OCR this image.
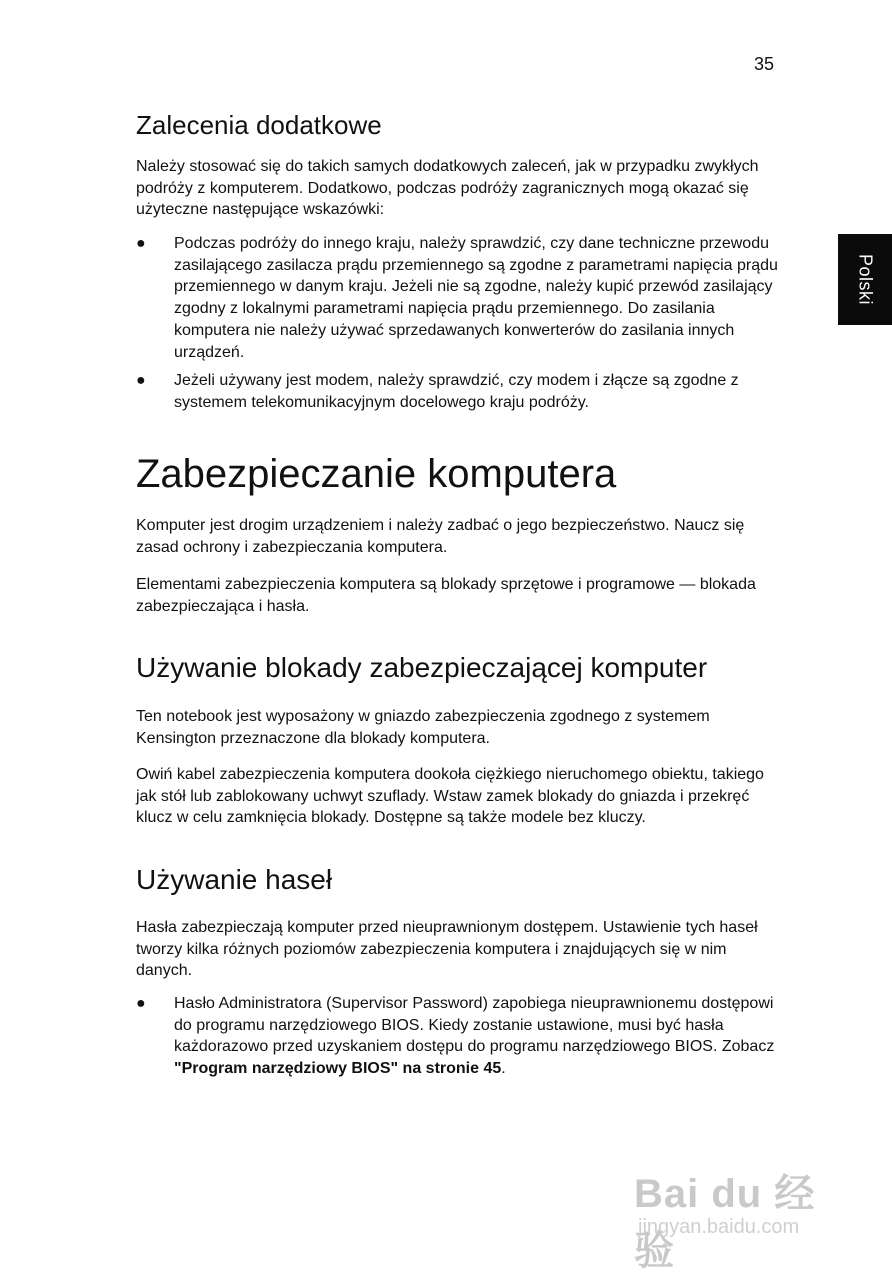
35
Polski
Zalecenia dodatkowe

Należy stosować się do takich samych dodatkowych zaleceń, jak w przypadku zwykłych podróży z komputerem. Dodatkowo, podczas podróży zagranicznych mogą okazać się użyteczne następujące wskazówki:

● Podczas podróży do innego kraju, należy sprawdzić, czy dane techniczne przewodu zasilającego zasilacza prądu przemiennego są zgodne z parametrami napięcia prądu przemiennego w danym kraju. Jeżeli nie są zgodne, należy kupić przewód zasilający zgodny z lokalnymi parametrami napięcia prądu przemiennego. Do zasilania komputera nie należy używać sprzedawanych konwerterów do zasilania innych urządzeń.
● Jeżeli używany jest modem, należy sprawdzić, czy modem i złącze są zgodne z systemem telekomunikacyjnym docelowego kraju podróży.
Zabezpieczanie komputera

Komputer jest drogim urządzeniem i należy zadbać o jego bezpieczeństwo. Naucz się zasad ochrony i zabezpieczania komputera.

Elementami zabezpieczenia komputera są blokady sprzętowe i programowe — blokada zabezpieczająca i hasła.

Używanie blokady zabezpieczającej komputer

Ten notebook jest wyposażony w gniazdo zabezpieczenia zgodnego z systemem Kensington przeznaczone dla blokady komputera.

Owiń kabel zabezpieczenia komputera dookoła ciężkiego nieruchomego obiektu, takiego jak stół lub zablokowany uchwyt szuflady. Wstaw zamek blokady do gniazda i przekręć klucz w celu zamknięcia blokady. Dostępne są także modele bez kluczy.

Używanie haseł

Hasła zabezpieczają komputer przed nieuprawnionym dostępem. Ustawienie tych haseł tworzy kilka różnych poziomów zabezpieczenia komputera i znajdujących się w nim danych.

● Hasło Administratora (Supervisor Password) zapobiega nieuprawnionemu dostępowi do programu narzędziowego BIOS. Kiedy zostanie ustawione, musi być hasła każdorazowo przed uzyskaniem dostępu do programu narzędziowego BIOS. Zobacz "Program narzędziowy BIOS" na stronie 45.
Bai du 经验
jingyan.baidu.com
